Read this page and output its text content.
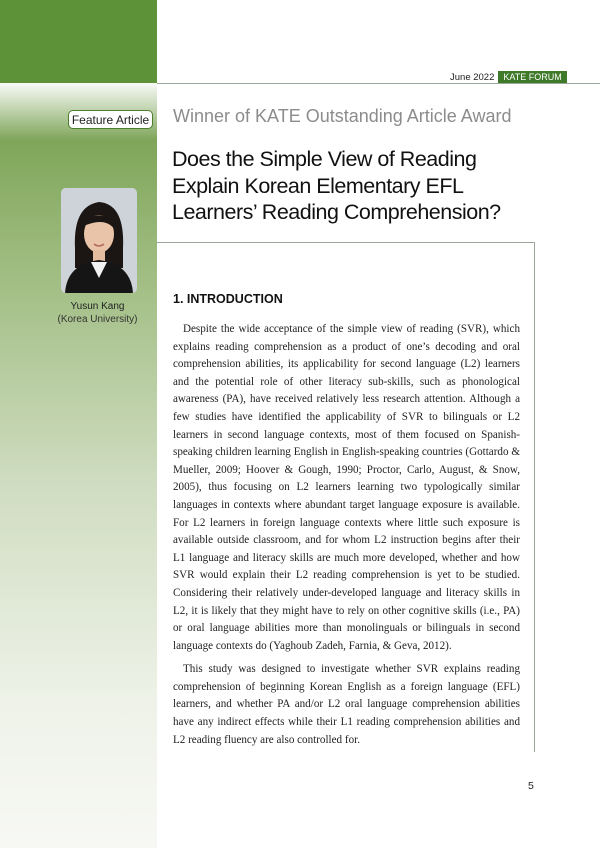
June 2022	KATE FORUM
Feature Article Winner of KATE Outstanding Article Award
Does the Simple View of Reading Explain Korean Elementary EFL Learners’ Reading Comprehension?
Yusun Kang
(Korea University)
1. INTRODUCTION

Despite the wide acceptance of the simple view of reading (SVR), which explains reading comprehension as a product of one’s decoding and oral comprehension abilities, its applicability for second language (L2) learners and the potential role of other literacy sub-skills, such as phonological awareness (PA), have received relatively less research attention. Although a few studies have identified the applicability of SVR to bilinguals or L2 learners in second language contexts, most of them focused on Spanish-speaking children learning English in English-speaking countries (Gottardo & Mueller, 2009; Hoover & Gough, 1990; Proctor, Carlo, August, & Snow, 2005), thus focusing on L2 learners learning two typologically similar languages in contexts where abundant target language exposure is available. For L2 learners in foreign language contexts where little such exposure is available outside classroom, and for whom L2 instruction begins after their L1 language and literacy skills are much more developed, whether and how SVR would explain their L2 reading comprehension is yet to be studied. Considering their relatively under-developed language and literacy skills in L2, it is likely that they might have to rely on other cognitive skills (i.e., PA) or oral language abilities more than monolinguals or bilinguals in second language contexts do (Yaghoub Zadeh, Farnia, & Geva, 2012).

This study was designed to investigate whether SVR explains reading comprehension of beginning Korean English as a foreign language (EFL) learners, and whether PA and/or L2 oral language comprehension abilities have any indirect effects while their L1 reading comprehension abilities and L2 reading fluency are also controlled for.

5
